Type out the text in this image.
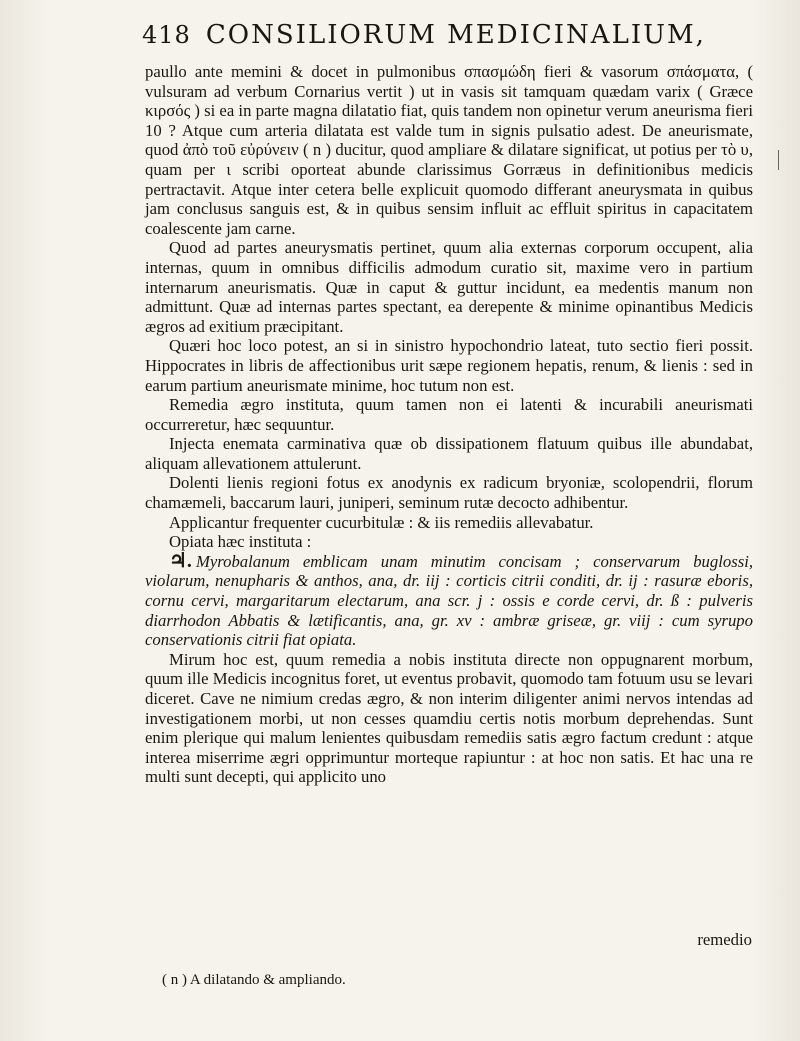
418 CONSILIORUM MEDICINALIUM,

paullo ante memini & docet in pulmonibus σπασμώδη fieri & vasorum σπάσματα, ( vulsuram ad verbum Cornarius vertit ) ut in vasis sit tamquam quædam varix ( Græce κιρσός ) si ea in parte magna dilatatio fiat, quis tandem non opinetur verum aneurisma fieri 10 ? Atque cum arteria dilatata est valde tum in signis pulsatio adest. De aneurismate, quod ἀπὸ τοῦ εὐρύνειν ( n ) ducitur, quod ampliare & dilatare significat, ut potius per τὸ υ, quam per ι scribi oporteat abunde clarissimus Gorræus in definitionibus medicis pertractavit. Atque inter cetera belle explicuit quomodo differant aneurysmata in quibus jam conclusus sanguis est, & in quibus sensim influit ac effluit spiritus in capacitatem coalescente jam carne.

Quod ad partes aneurysmatis pertinet, quum alia externas corporum occupent, alia internas, quum in omnibus difficilis admodum curatio sit, maxime vero in partium internarum aneurismatis. Quæ in caput & guttur incidunt, ea medentis manum non admittunt. Quæ ad internas partes spectant, ea derepente & minime opinantibus Medicis ægros ad exitium præcipitant.

Quæri hoc loco potest, an si in sinistro hypochondrio lateat, tuto sectio fieri possit. Hippocrates in libris de affectionibus urit sæpe regionem hepatis, renum, & lienis : sed in earum partium aneurismate minime, hoc tutum non est.

Remedia ægro instituta, quum tamen non ei latenti & incurabili aneurismati occurreretur, hæc sequuntur.

Injecta enemata carminativa quæ ob dissipationem flatuum quibus ille abundabat, aliquam allevationem attulerunt.

Dolenti lienis regioni fotus ex anodynis ex radicum bryoniæ, scolopendrii, florum chamæmeli, baccarum lauri, juniperi, seminum rutæ decocto adhibentur.

Applicantur frequenter cucurbitulæ : & iis remediis allevabatur.

Opiata hæc instituta :

♃. Myrobalanum emblicam unam minutim concisam ; conservarum buglossi, violarum, nenupharis & anthos, ana, dr. iij : corticis citrii conditi, dr. ij : rasuræ eboris, cornu cervi, margaritarum electarum, ana scr. j : ossis e corde cervi, dr. ß : pulveris diarrhodon Abbatis & lætificantis, ana, gr. xv : ambræ griseæ, gr. viij : cum syrupo conservationis citrii fiat opiata.

Mirum hoc est, quum remedia a nobis instituta directe non oppugnarent morbum, quum ille Medicis incognitus foret, ut eventus probavit, quomodo tam fotuum usu se levari diceret. Cave ne nimium credas ægro, & non interim diligenter animi nervos intendas ad investigationem morbi, ut non cesses quamdiu certis notis morbum deprehendas. Sunt enim plerique qui malum lenientes quibusdam remediis satis ægro factum credunt : atque interea miserrime ægri opprimuntur morteque rapiuntur : at hoc non satis. Et hac una re multi sunt decepti, qui applicito uno

remedio
( n ) A dilatando & ampliando.
